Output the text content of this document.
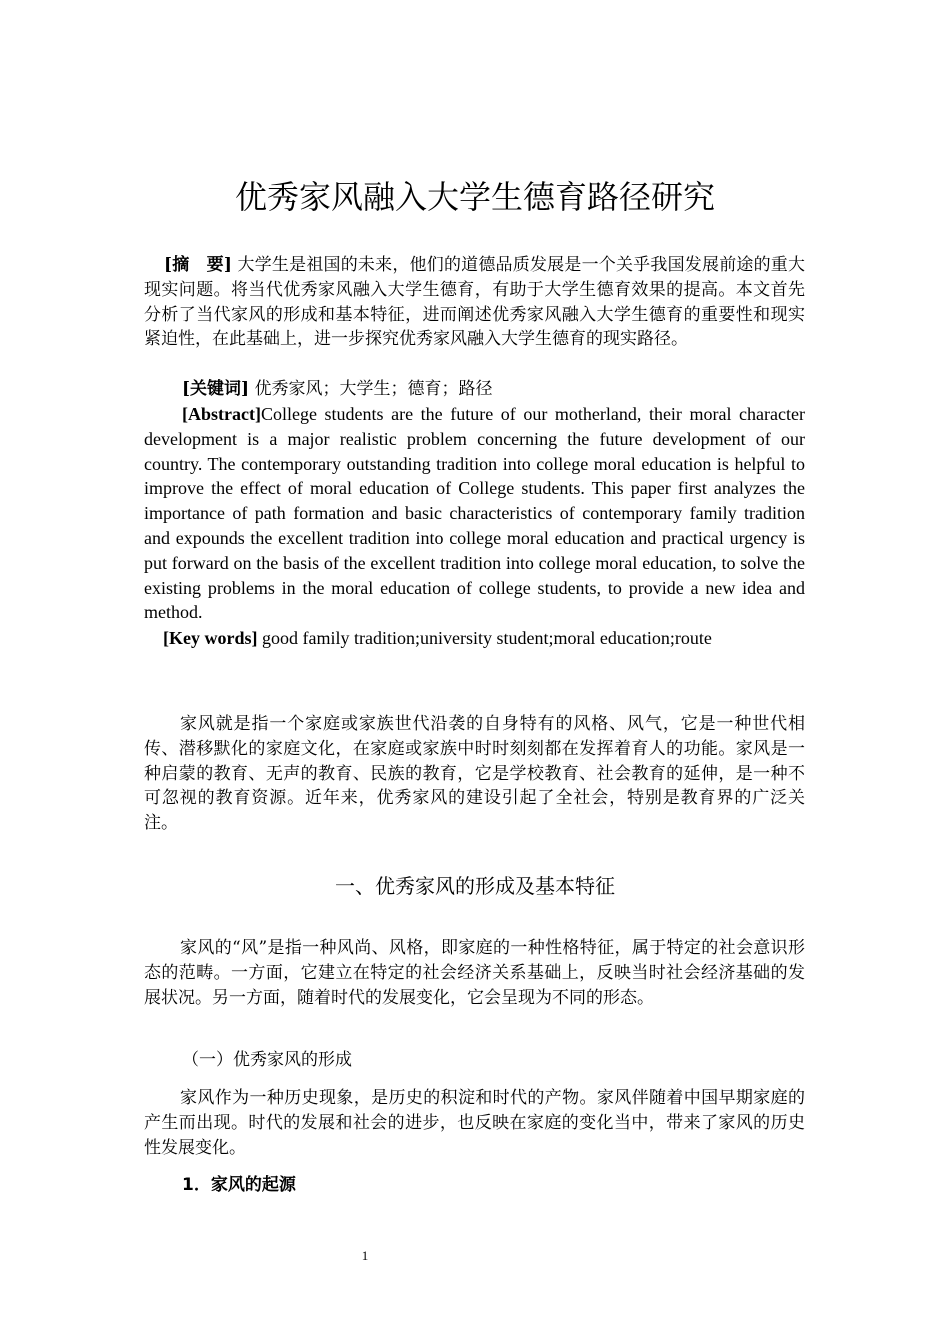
优秀家风融入大学生德育路径研究
[摘　要] 大学生是祖国的未来，他们的道德品质发展是一个关乎我国发展前途的重大现实问题。将当代优秀家风融入大学生德育，有助于大学生德育效果的提高。本文首先分析了当代家风的形成和基本特征，进而阐述优秀家风融入大学生德育的重要性和现实紧迫性，在此基础上，进一步探究优秀家风融入大学生德育的现实路径。
[关键词] 优秀家风；大学生；德育；路径
[Abstract]College students are the future of our motherland, their moral character development is a major realistic problem concerning the future development of our country. The contemporary outstanding tradition into college moral education is helpful to improve the effect of moral education of College students. This paper first analyzes the importance of path formation and basic characteristics of contemporary family tradition and expounds the excellent tradition into college moral education and practical urgency is put forward on the basis of the excellent tradition into college moral education, to solve the existing problems in the moral education of college students, to provide a new idea and method.
[Key words] good family tradition;university student;moral education;route
家风就是指一个家庭或家族世代沿袭的自身特有的风格、风气，它是一种世代相传、潜移默化的家庭文化，在家庭或家族中时时刻刻都在发挥着育人的功能。家风是一种启蒙的教育、无声的教育、民族的教育，它是学校教育、社会教育的延伸，是一种不可忽视的教育资源。近年来，优秀家风的建设引起了全社会，特别是教育界的广泛关注。
一、优秀家风的形成及基本特征
家风的“风”是指一种风尚、风格，即家庭的一种性格特征，属于特定的社会意识形态的范畴。一方面，它建立在特定的社会经济关系基础上，反映当时社会经济基础的发展状况。另一方面，随着时代的发展变化，它会呈现为不同的形态。
（一）优秀家风的形成
家风作为一种历史现象，是历史的积淀和时代的产物。家风伴随着中国早期家庭的产生而出现。时代的发展和社会的进步，也反映在家庭的变化当中，带来了家风的历史性发展变化。
1．家风的起源
1
